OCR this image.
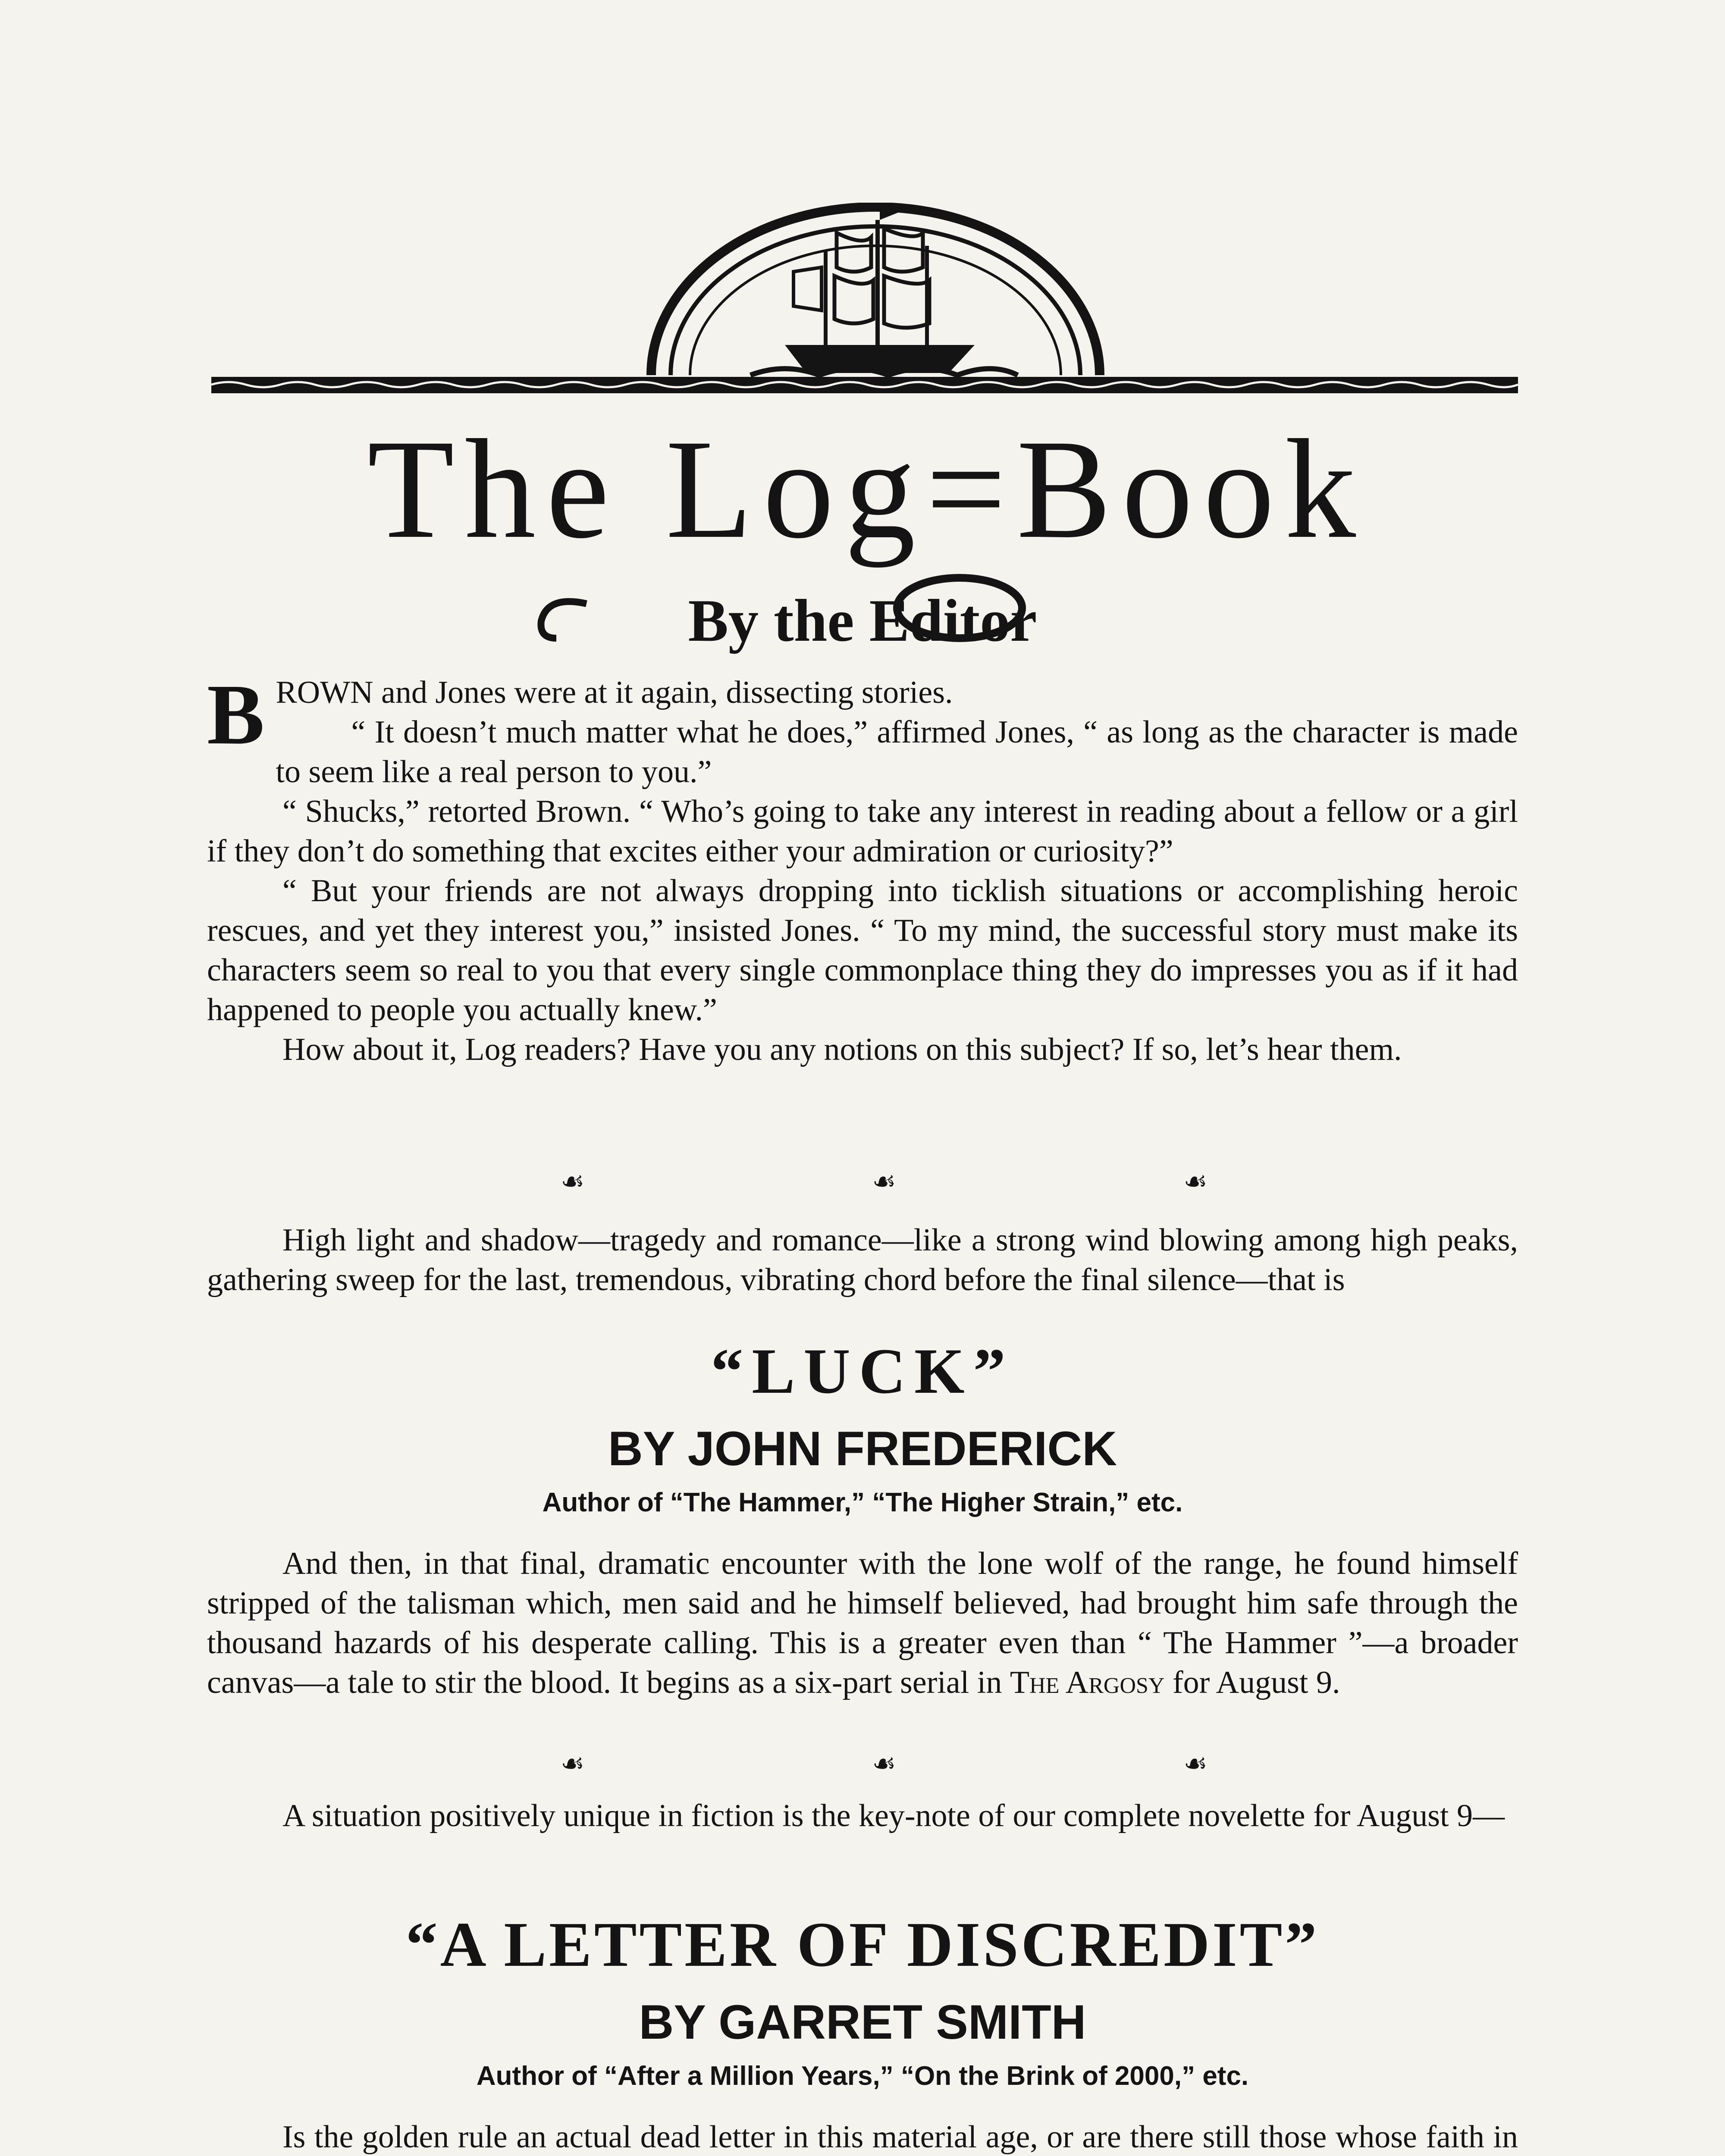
The Log=Book
By the Editor

BROWN and Jones were at it again, dissecting stories.

“ It doesn’t much matter what he does,” affirmed Jones, “ as long as the character is made to seem like a real person to you.”

“ Shucks,” retorted Brown. “ Who’s going to take any interest in reading about a fellow or a girl if they don’t do something that excites either your admiration or curiosity?”

“ But your friends are not always dropping into ticklish situations or accomplishing heroic rescues, and yet they interest you,” insisted Jones. “ To my mind, the successful story must make its characters seem so real to you that every single commonplace thing they do impresses you as if it had happened to people you actually knew.”

How about it, Log readers? Have you any notions on this subject? If so, let’s hear them.

☙	☙	☙

High light and shadow—tragedy and romance—like a strong wind blowing among high peaks, gathering sweep for the last, tremendous, vibrating chord before the final silence—that is

“LUCK”
BY JOHN FREDERICK
Author of “The Hammer,” “The Higher Strain,” etc.

And then, in that final, dramatic encounter with the lone wolf of the range, he found himself stripped of the talisman which, men said and he himself believed, had brought him safe through the thousand hazards of his desperate calling. This is a greater even than “ The Hammer ”—a broader canvas—a tale to stir the blood. It begins as a six-part serial in The Argosy for August 9.

☙	☙	☙

A situation positively unique in fiction is the key-note of our complete novelette for August 9—

“A LETTER OF DISCREDIT”
BY GARRET SMITH
Author of “After a Million Years,” “On the Brink of 2000,” etc.

Is the golden rule an actual dead letter in this material age, or are there still those whose faith in
